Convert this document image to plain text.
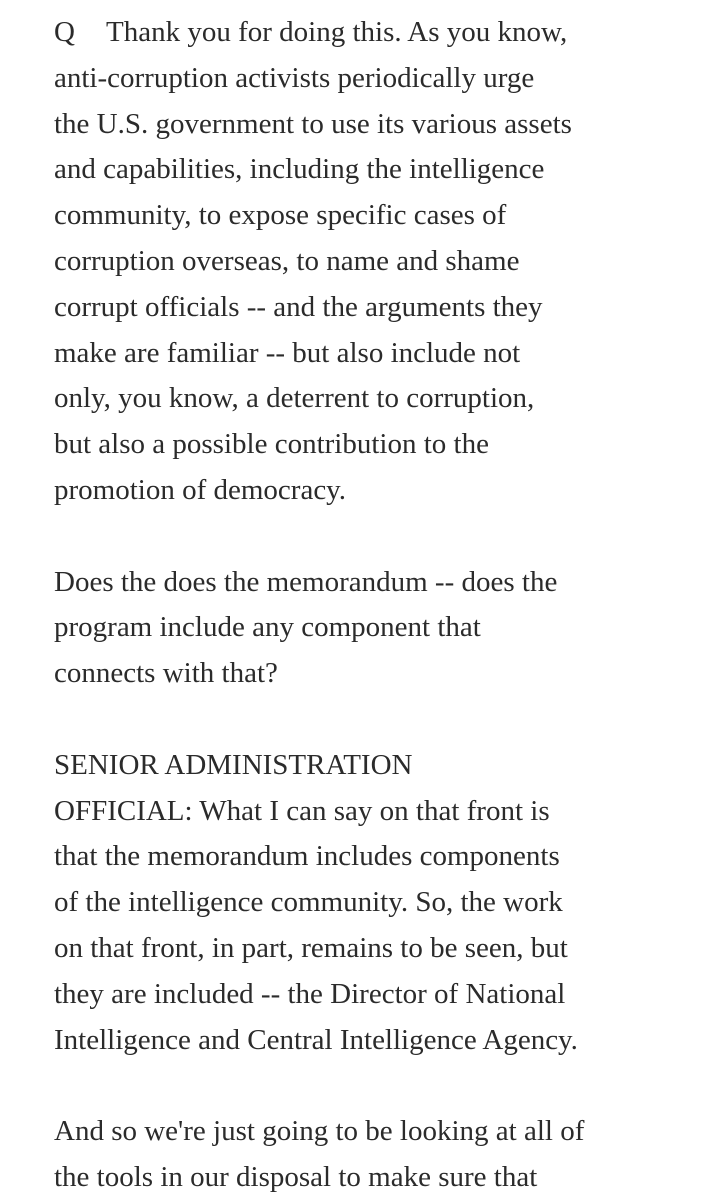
Q Thank you for doing this. As you know,
anti-corruption activists periodically urge
the U.S. government to use its various assets
and capabilities, including the intelligence
community, to expose specific cases of
corruption overseas, to name and shame
corrupt officials -- and the arguments they
make are familiar -- but also include not
only, you know, a deterrent to corruption,
but also a possible contribution to the
promotion of democracy.
Does the does the memorandum -- does the
program include any component that
connects with that?
SENIOR ADMINISTRATION
OFFICIAL: What I can say on that front is
that the memorandum includes components
of the intelligence community. So, the work
on that front, in part, remains to be seen, but
they are included -- the Director of National
Intelligence and Central Intelligence Agency.
And so we're just going to be looking at all of
the tools in our disposal to make sure that
